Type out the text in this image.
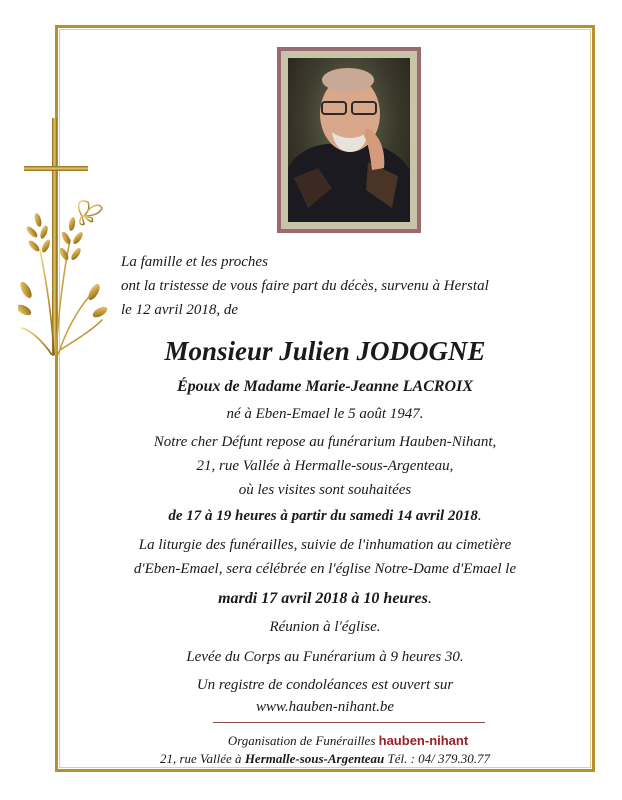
La famille et les proches
ont la tristesse de vous faire part du décès, survenu à Herstal
le 12 avril 2018, de
Monsieur Julien JODOGNE
Époux de Madame Marie-Jeanne LACROIX
né à Eben-Emael le 5 août 1947.
Notre cher Défunt repose au funérarium Hauben-Nihant,
21, rue Vallée à Hermalle-sous-Argenteau,
où les visites sont souhaitées
de 17 à 19 heures à partir du samedi 14 avril 2018.
La liturgie des funérailles, suivie de l'inhumation au cimetière
d'Eben-Emael, sera célébrée en l'église Notre-Dame d'Emael le
mardi 17 avril 2018 à 10 heures.
Réunion à l'église.
Levée du Corps au Funérarium à 9 heures 30.
Un registre de condoléances est ouvert sur
www.hauben-nihant.be
Organisation de Funérailles hauben-nihant
21, rue Vallée à Hermalle-sous-Argenteau Tél. : 04/ 379.30.77
